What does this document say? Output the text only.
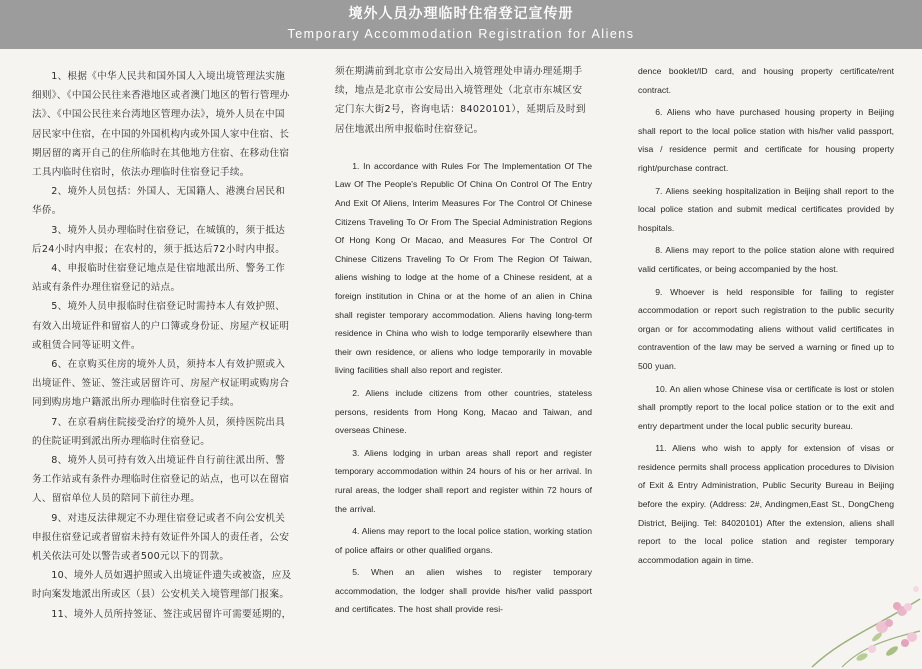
境外人员办理临时住宿登记宣传册
Temporary Accommodation Registration for Aliens

1、根据《中华人民共和国外国人入境出境管理法实施细则》、《中国公民往来香港地区或者澳门地区的暂行管理办法》、《中国公民往来台湾地区管理办法》，境外人员在中国居民家中住宿，在中国的外国机构内或外国人家中住宿、长期居留的离开自己的住所临时在其他地方住宿、在移动住宿工具内临时住宿时，依法办理临时住宿登记手续。

2、境外人员包括：外国人、无国籍人、港澳台居民和华侨。

3、境外人员办理临时住宿登记，在城镇的，须于抵达后24小时内申报；在农村的，须于抵达后72小时内申报。

4、申报临时住宿登记地点是住宿地派出所、警务工作站或有条件办理住宿登记的站点。

5、境外人员申报临时住宿登记时需持本人有效护照、有效入出境证件和留宿人的户口簿或身份证、房屋产权证明或租赁合同等证明文件。

6、在京购买住房的境外人员，须持本人有效护照或入出境证件、签证、签注或居留许可、房屋产权证明或购房合同到购房地户籍派出所办理临时住宿登记手续。

7、在京看病住院接受治疗的境外人员，须持医院出具的住院证明到派出所办理临时住宿登记。

8、境外人员可持有效入出境证件自行前往派出所、警务工作站或有条件办理临时住宿登记的站点，也可以在留宿人、留宿单位人员的陪同下前往办理。

9、对违反法律规定不办理住宿登记或者不向公安机关申报住宿登记或者留宿未持有效证件外国人的责任者，公安机关依法可处以警告或者500元以下的罚款。

10、境外人员如遇护照或入出境证件遗失或被盗，应及时向案发地派出所或区（县）公安机关入境管理部门报案。

11、境外人员所持签证、签注或居留许可需要延期的，

须在期满前到北京市公安局出入境管理处申请办理延期手续，地点是北京市公安局出入境管理处（北京市东城区安定门东大街2号，咨询电话：84020101），延期后及时到居住地派出所申报临时住宿登记。

1. In accordance with Rules For The Implementation Of The Law Of The People's Republic Of China On Control Of The Entry And Exit Of Aliens, Interim Measures For The Control Of Chinese Citizens Traveling To Or From The Special Administration Regions Of Hong Kong Or Macao, and Measures For The Control Of Chinese Citizens Traveling To Or From The Region Of Taiwan, aliens wishing to lodge at the home of a Chinese resident, at a foreign institution in China or at the home of an alien in China shall register temporary accommodation. Aliens having long-term residence in China who wish to lodge temporarily elsewhere than their own residence, or aliens who lodge temporarily in movable living facilities shall also report and register.

2. Aliens include citizens from other countries, stateless persons, residents from Hong Kong, Macao and Taiwan, and overseas Chinese.

3. Aliens lodging in urban areas shall report and register temporary accommodation within 24 hours of his or her arrival. In rural areas, the lodger shall report and register within 72 hours of the arrival.

4. Aliens may report to the local police station, working station of police affairs or other qualified organs.

5. When an alien wishes to register temporary accommodation, the lodger shall provide his/her valid passport and certificates. The host shall provide resi-

dence booklet/ID card, and housing property certificate/rent contract.

6. Aliens who have purchased housing property in Beijing shall report to the local police station with his/her valid passport, visa / residence permit and certificate for housing property right/purchase contract.

7. Aliens seeking hospitalization in Beijing shall report to the local police station and submit medical certificates provided by hospitals.

8. Aliens may report to the police station alone with required valid certificates, or being accompanied by the host.

9. Whoever is held responsible for failing to register accommodation or report such registration to the public security organ or for accommodating aliens without valid certificates in contravention of the law may be served a warning or fined up to 500 yuan.

10. An alien whose Chinese visa or certificate is lost or stolen shall promptly report to the local police station or to the exit and entry department under the local public security bureau.

11. Aliens who wish to apply for extension of visas or residence permits shall process application procedures to Division of Exit & Entry Administration, Public Security Bureau in Beijing before the expiry. (Address: 2#, Andingmen,East St., DongCheng District, Beijing. Tel: 84020101) After the extension, aliens shall report to the local police station and register temporary accommodation again in time.
